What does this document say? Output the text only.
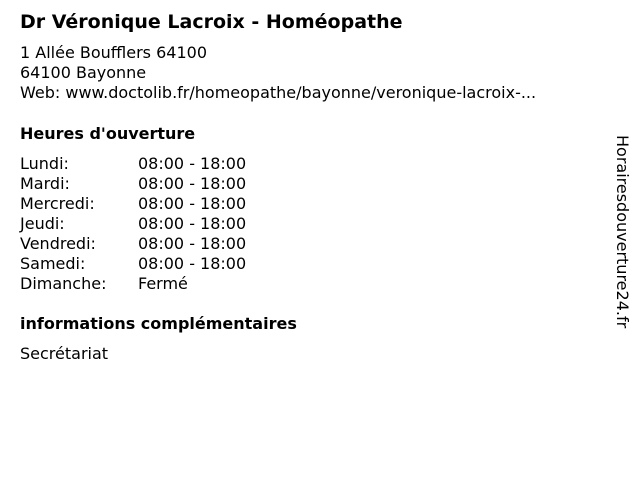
Dr Véronique Lacroix - Homéopathe
1 Allée Boufflers 64100
64100 Bayonne
Web: www.doctolib.fr/homeopathe/bayonne/veronique-lacroix-...
Heures d'ouverture
Lundi:	08:00 - 18:00
Mardi:	08:00 - 18:00
Mercredi:	08:00 - 18:00
Jeudi:	08:00 - 18:00
Vendredi:	08:00 - 18:00
Samedi:	08:00 - 18:00
Dimanche: Fermé
informations complémentaires
Secrétariat
Horairesdouverture24.fr
